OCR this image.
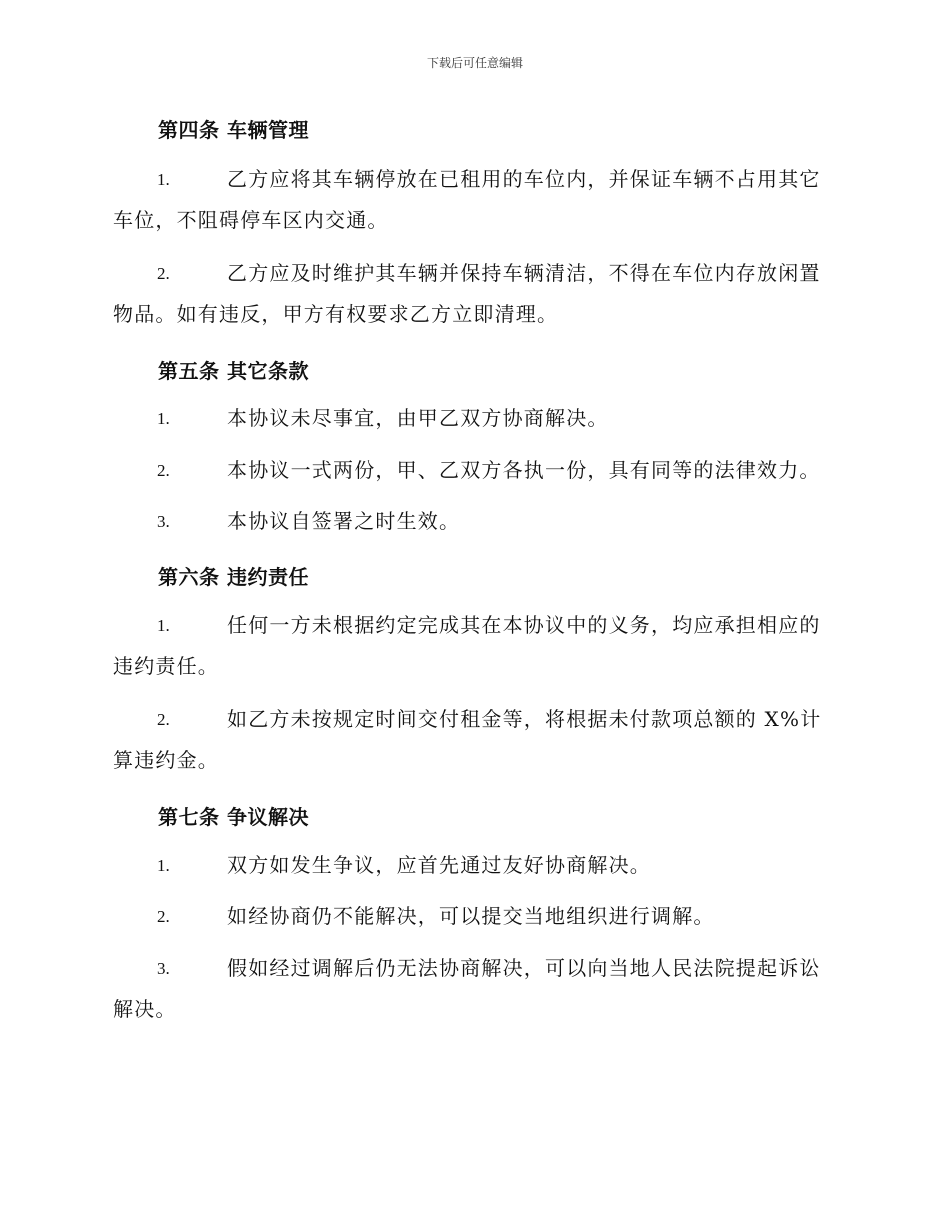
下载后可任意编辑
第四条 车辆管理
1.	乙方应将其车辆停放在已租用的车位内，并保证车辆不占用其它
车位，不阻碍停车区内交通。
2.	乙方应及时维护其车辆并保持车辆清洁，不得在车位内存放闲置
物品。如有违反，甲方有权要求乙方立即清理。
第五条 其它条款
1.	本协议未尽事宜，由甲乙双方协商解决。
2.	本协议一式两份，甲、乙双方各执一份，具有同等的法律效力。
3.	本协议自签署之时生效。
第六条 违约责任
1.	任何一方未根据约定完成其在本协议中的义务，均应承担相应的
违约责任。
2.	如乙方未按规定时间交付租金等，将根据未付款项总额的 X%计
算违约金。
第七条 争议解决
1.	双方如发生争议，应首先通过友好协商解决。
2.	如经协商仍不能解决，可以提交当地组织进行调解。
3.	假如经过调解后仍无法协商解决，可以向当地人民法院提起诉讼
解决。
